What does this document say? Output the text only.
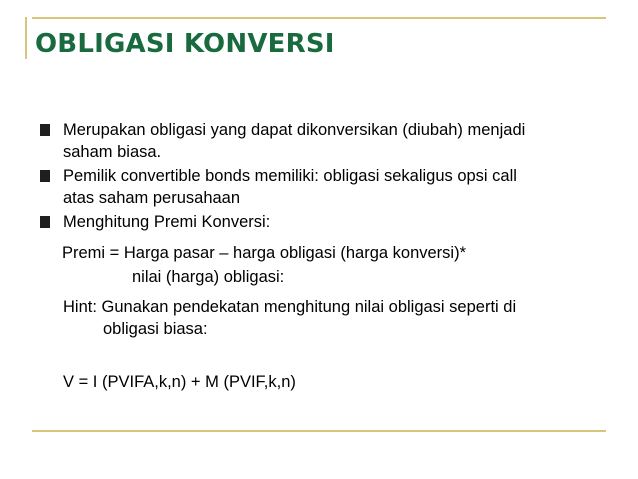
OBLIGASI KONVERSI
Merupakan obligasi yang dapat dikonversikan (diubah) menjadi
saham biasa.
Pemilik convertible bonds memiliki: obligasi sekaligus opsi call
atas saham perusahaan
Menghitung Premi Konversi:
Premi = Harga pasar – harga obligasi (harga konversi)*
nilai (harga) obligasi:
Hint: Gunakan pendekatan menghitung nilai obligasi seperti di
obligasi biasa:
V = I (PVIFA,k,n) + M (PVIF,k,n)
